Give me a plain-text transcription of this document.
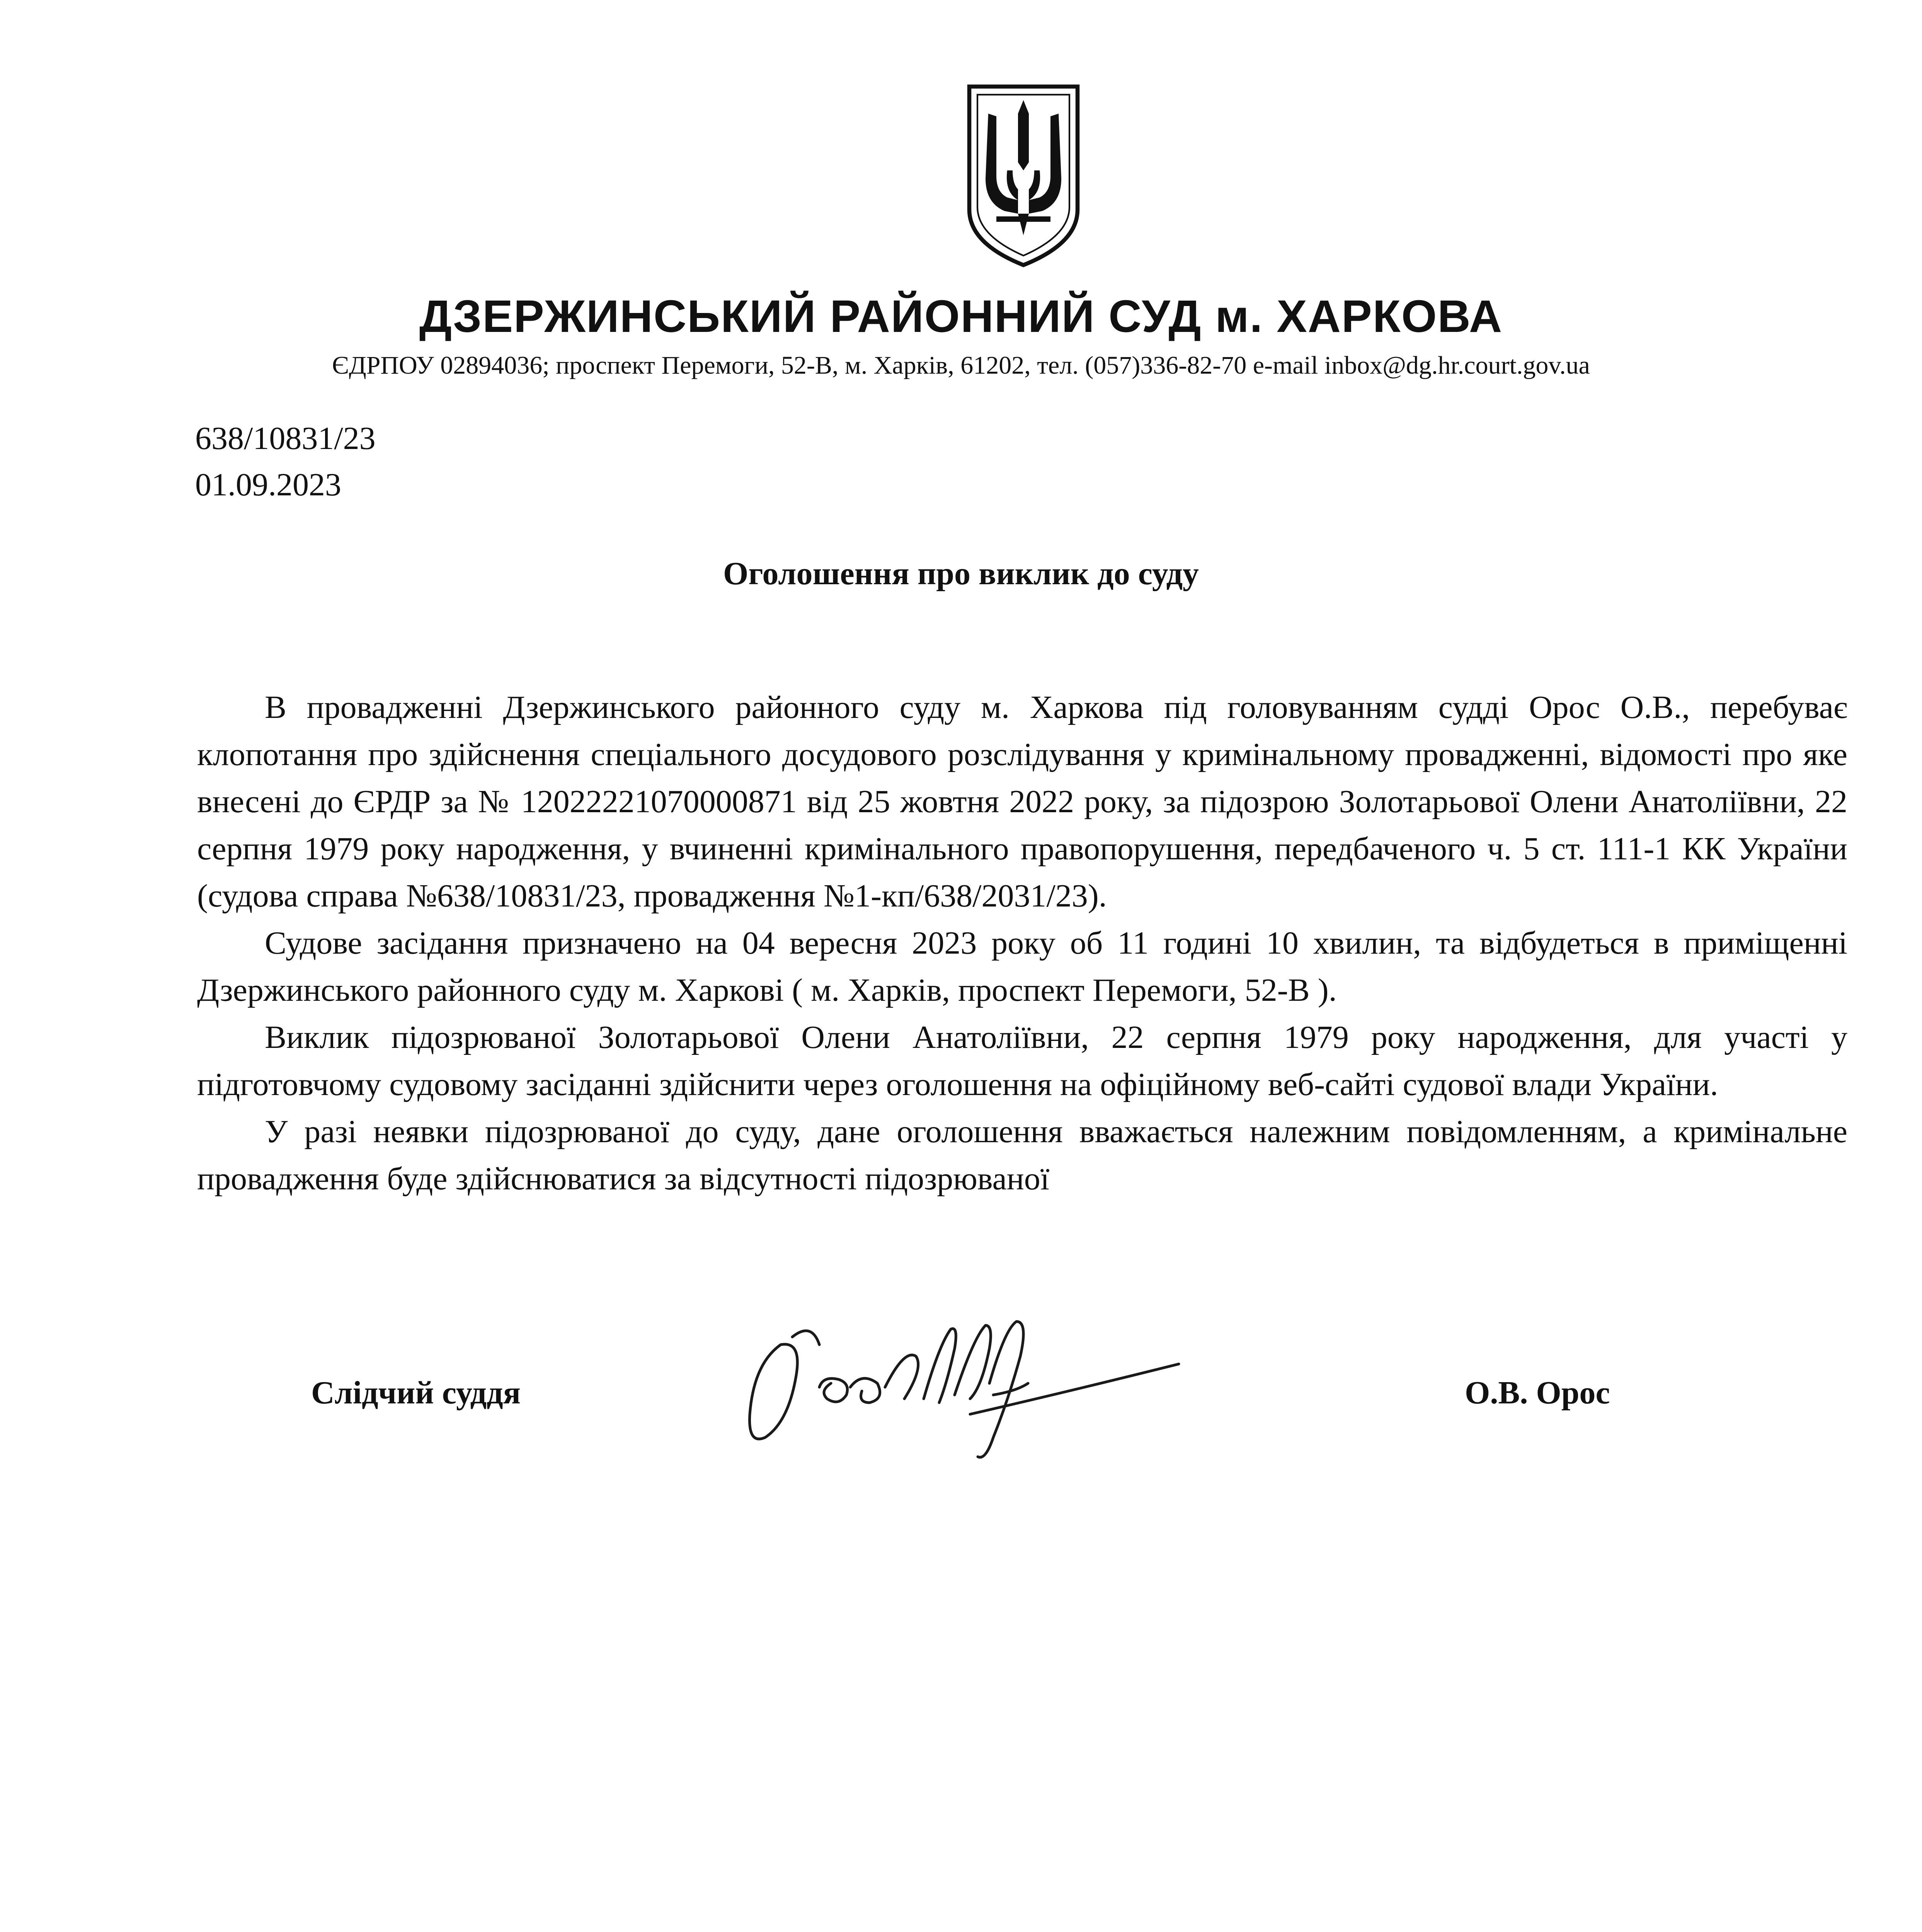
ДЗЕРЖИНСЬКИЙ РАЙОННИЙ СУД м. ХАРКОВА
ЄДРПОУ 02894036; проспект Перемоги, 52-В, м. Харків, 61202, тел. (057)336-82-70 e-mail inbox@dg.hr.court.gov.ua
638/10831/23
01.09.2023
Оголошення про виклик до суду

В провадженні Дзержинського районного суду м. Харкова під головуванням судді Орос О.В., перебуває клопотання про здійснення спеціального досудового розслідування у кримінальному провадженні, відомості про яке внесені до ЄРДР за № 12022221070000871 від 25 жовтня 2022 року, за підозрою Золотарьової Олени Анатоліївни, 22 серпня 1979 року народження, у вчиненні кримінального правопорушення, передбаченого ч. 5 ст. 111-1 КК України (судова справа №638/10831/23, провадження №1-кп/638/2031/23).

Судове засідання призначено на 04 вересня 2023 року об 11 годині 10 хвилин, та відбудеться в приміщенні Дзержинського районного суду м. Харкові ( м. Харків, проспект Перемоги, 52-В ).

Виклик підозрюваної Золотарьової Олени Анатоліївни, 22 серпня 1979 року народження, для участі у підготовчому судовому засіданні здійснити через оголошення на офіційному веб-сайті судової влади України.

У разі неявки підозрюваної до суду, дане оголошення вважається належним повідомленням, а кримінальне провадження буде здійснюватися за відсутності підозрюваної

Слідчий суддя	О.В. Орос
